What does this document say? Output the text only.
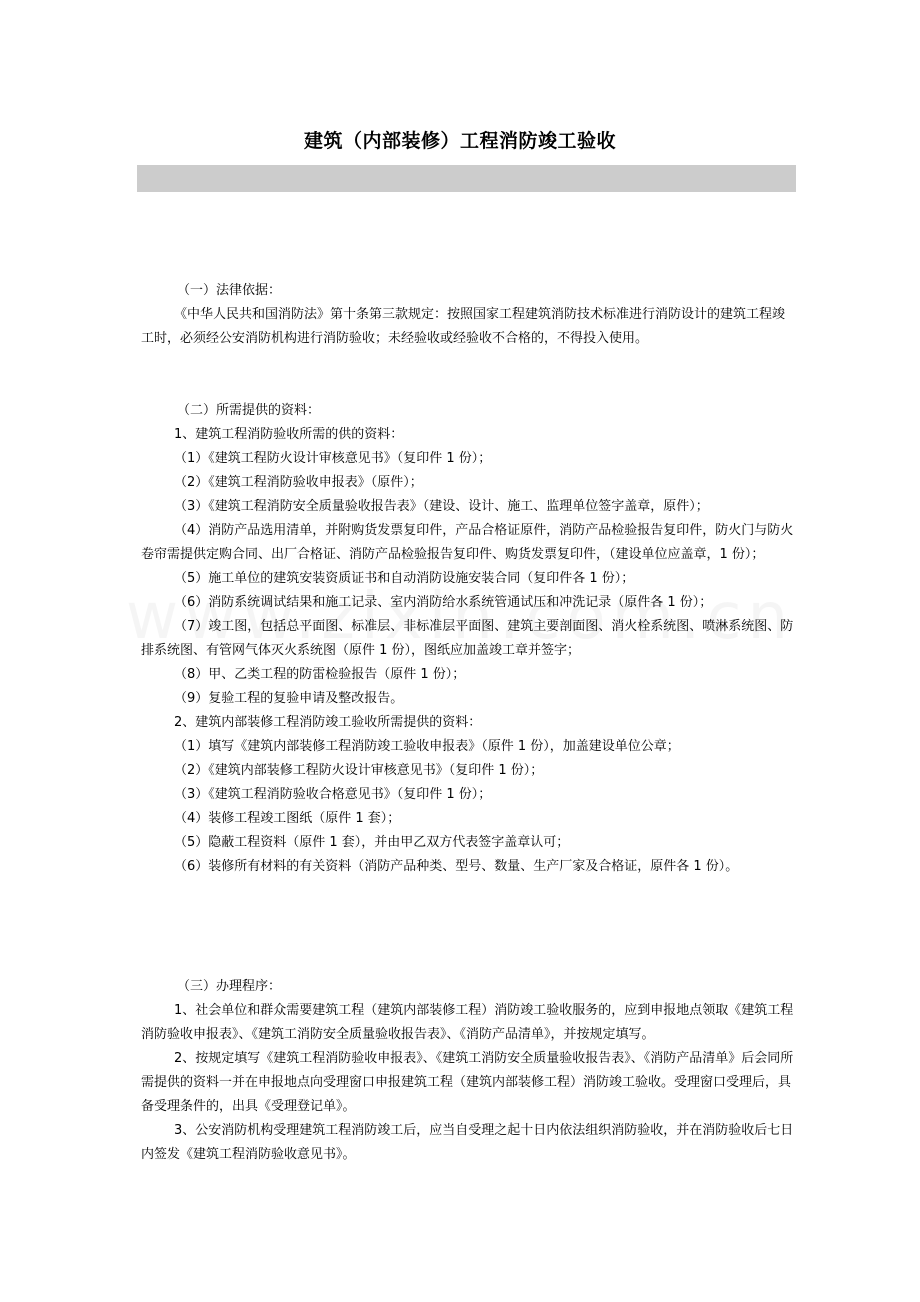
建筑（内部装修）工程消防竣工验收

（一）法律依据：

《中华人民共和国消防法》第十条第三款规定：按照国家工程建筑消防技术标准进行消防设计的建筑工程竣工时，必须经公安消防机构进行消防验收；未经验收或经验收不合格的，不得投入使用。

（二）所需提供的资料：

1、建筑工程消防验收所需的供的资料：

（1）《建筑工程防火设计审核意见书》（复印件 1 份）；

（2）《建筑工程消防验收申报表》（原件）；

（3）《建筑工程消防安全质量验收报告表》（建设、设计、施工、监理单位签字盖章，原件）；

（4）消防产品选用清单，并附购货发票复印件，产品合格证原件，消防产品检验报告复印件，防火门与防火卷帘需提供定购合同、出厂合格证、消防产品检验报告复印件、购货发票复印件，（建设单位应盖章，1 份）；

（5）施工单位的建筑安装资质证书和自动消防设施安装合同（复印件各 1 份）；

（6）消防系统调试结果和施工记录、室内消防给水系统管通试压和冲洗记录（原件各 1 份）；

（7）竣工图，包括总平面图、标准层、非标准层平面图、建筑主要剖面图、消火栓系统图、喷淋系统图、防排系统图、有管网气体灭火系统图（原件 1 份），图纸应加盖竣工章并签字；

（8）甲、乙类工程的防雷检验报告（原件 1 份）；

（9）复验工程的复验申请及整改报告。

2、建筑内部装修工程消防竣工验收所需提供的资料：

（1）填写《建筑内部装修工程消防竣工验收申报表》（原件 1 份），加盖建设单位公章；

（2）《建筑内部装修工程防火设计审核意见书》（复印件 1 份）；

（3）《建筑工程消防验收合格意见书》（复印件 1 份）；

（4）装修工程竣工图纸（原件 1 套）；

（5）隐蔽工程资料（原件 1 套），并由甲乙双方代表签字盖章认可；

（6）装修所有材料的有关资料（消防产品种类、型号、数量、生产厂家及合格证，原件各 1 份）。

（三）办理程序：

1、社会单位和群众需要建筑工程（建筑内部装修工程）消防竣工验收服务的，应到申报地点领取《建筑工程消防验收申报表》、《建筑工消防安全质量验收报告表》、《消防产品清单》，并按规定填写。

2、按规定填写《建筑工程消防验收申报表》、《建筑工消防安全质量验收报告表》、《消防产品清单》后会同所需提供的资料一并在申报地点向受理窗口申报建筑工程（建筑内部装修工程）消防竣工验收。受理窗口受理后，具备受理条件的，出具《受理登记单》。

3、公安消防机构受理建筑工程消防竣工后，应当自受理之起十日内依法组织消防验收，并在消防验收后七日内签发《建筑工程消防验收意见书》。
